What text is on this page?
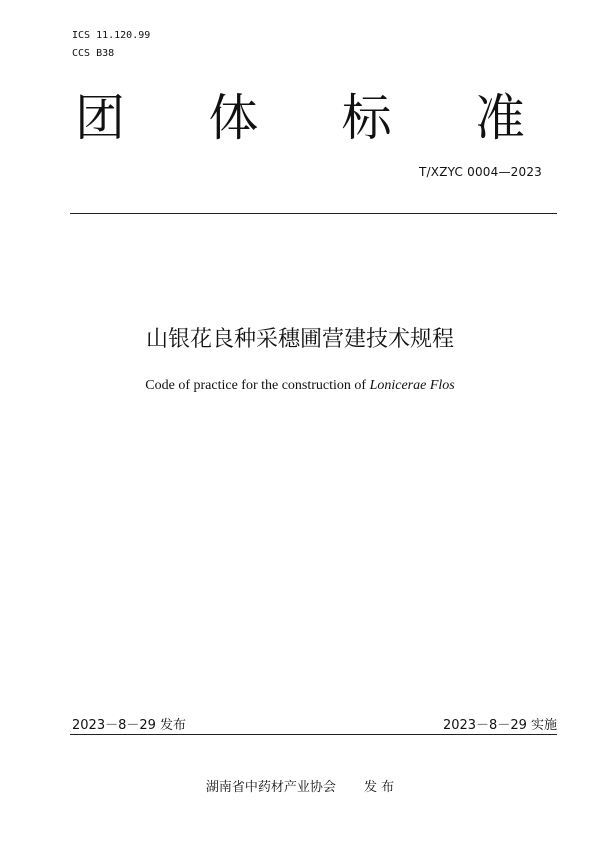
ICS 11.120.99
CCS B38
团 体 标 准
T/XZYC 0004—2023
山银花良种采穗圃营建技术规程
Code of practice for the construction of Lonicerae Flos
2023－8－29 发布	2023－8－29 实施
湖南省中药材产业协会 发 布
